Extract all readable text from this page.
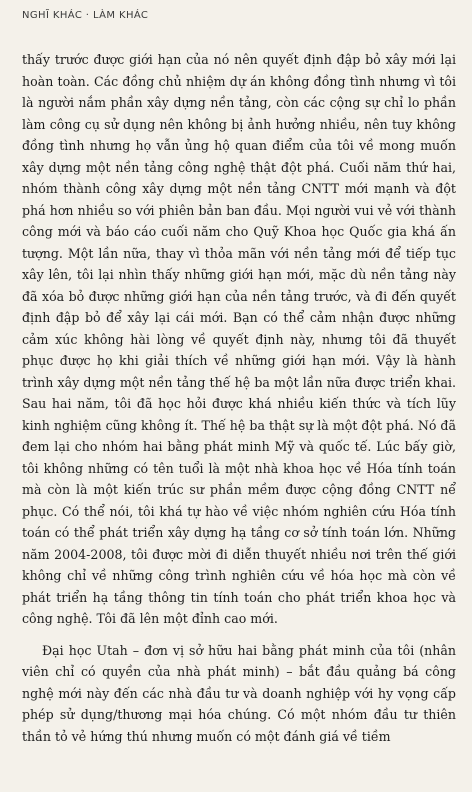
NGHĨ KHÁC · LÀM KHÁC

thấy trước được giới hạn của nó nên quyết định đập bỏ xây mới lại hoàn toàn. Các đồng chủ nhiệm dự án không đồng tình nhưng vì tôi là người nắm phần xây dựng nền tảng, còn các cộng sự chỉ lo phần làm công cụ sử dụng nên không bị ảnh hưởng nhiều, nên tuy không đồng tình nhưng họ vẫn ủng hộ quan điểm của tôi về mong muốn xây dựng một nền tảng công nghệ thật đột phá. Cuối năm thứ hai, nhóm thành công xây dựng một nền tảng CNTT mới mạnh và đột phá hơn nhiều so với phiên bản ban đầu. Mọi người vui vẻ với thành công mới và báo cáo cuối năm cho Quỹ Khoa học Quốc gia khá ấn tượng. Một lần nữa, thay vì thỏa mãn với nền tảng mới để tiếp tục xây lên, tôi lại nhìn thấy những giới hạn mới, mặc dù nền tảng này đã xóa bỏ được những giới hạn của nền tảng trước, và đi đến quyết định đập bỏ để xây lại cái mới. Bạn có thể cảm nhận được những cảm xúc không hài lòng về quyết định này, nhưng tôi đã thuyết phục được họ khi giải thích về những giới hạn mới. Vậy là hành trình xây dựng một nền tảng thế hệ ba một lần nữa được triển khai. Sau hai năm, tôi đã học hỏi được khá nhiều kiến thức và tích lũy kinh nghiệm cũng không ít. Thế hệ ba thật sự là một đột phá. Nó đã đem lại cho nhóm hai bằng phát minh Mỹ và quốc tế. Lúc bấy giờ, tôi không những có tên tuổi là một nhà khoa học về Hóa tính toán mà còn là một kiến trúc sư phần mềm được cộng đồng CNTT nể phục. Có thể nói, tôi khá tự hào về việc nhóm nghiên cứu Hóa tính toán có thể phát triển xây dựng hạ tầng cơ sở tính toán lớn. Những năm 2004-2008, tôi được mời đi diễn thuyết nhiều nơi trên thế giới không chỉ về những công trình nghiên cứu về hóa học mà còn về phát triển hạ tầng thông tin tính toán cho phát triển khoa học và công nghệ. Tôi đã lên một đỉnh cao mới.

Đại học Utah – đơn vị sở hữu hai bằng phát minh của tôi (nhân viên chỉ có quyền của nhà phát minh) – bắt đầu quảng bá công nghệ mới này đến các nhà đầu tư và doanh nghiệp với hy vọng cấp phép sử dụng/thương mại hóa chúng. Có một nhóm đầu tư thiên thần tỏ vẻ hứng thú nhưng muốn có một đánh giá về tiềm
